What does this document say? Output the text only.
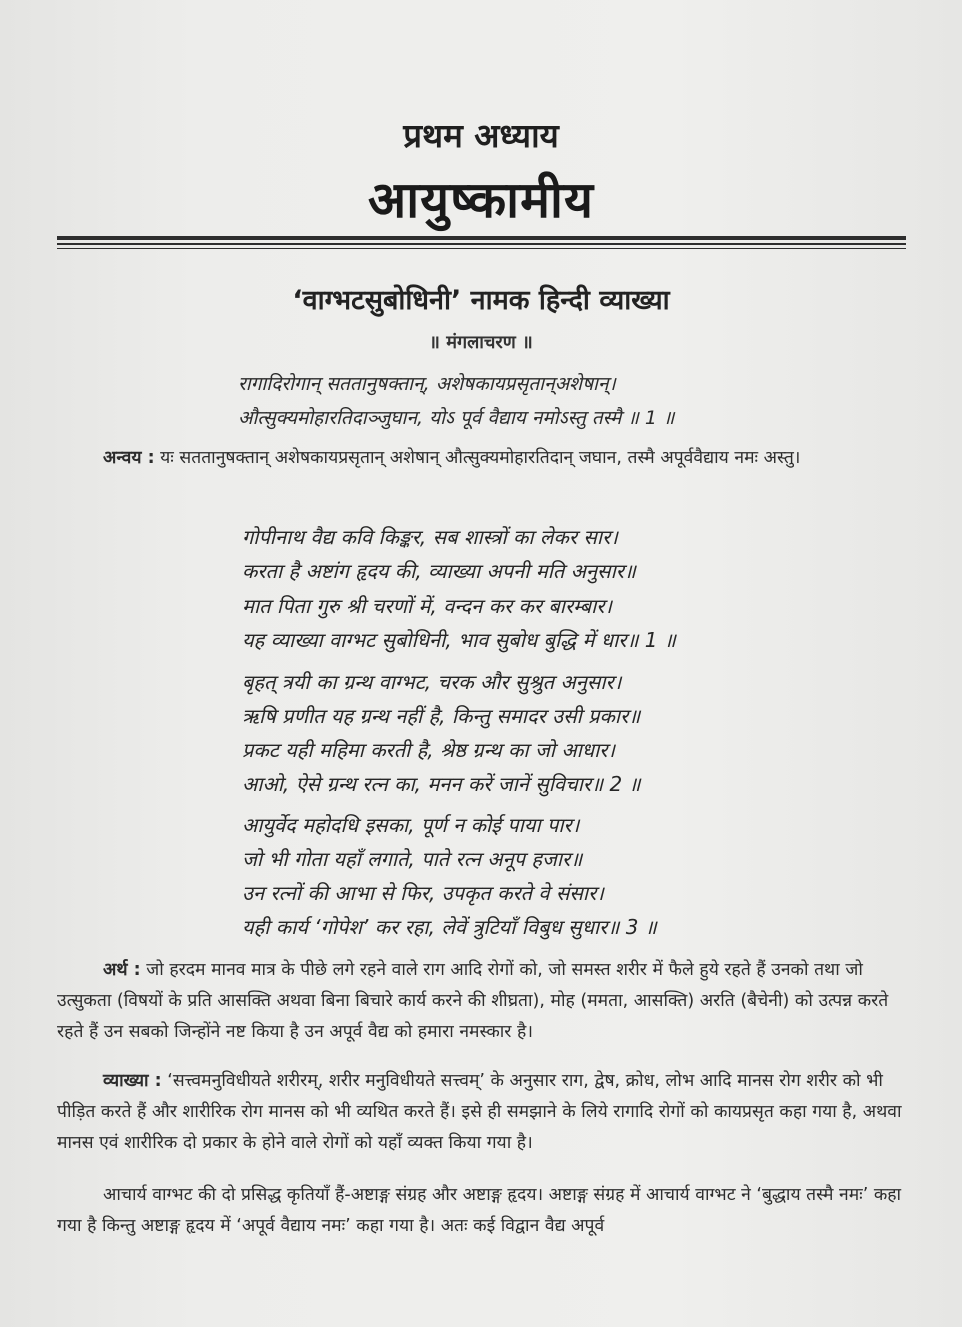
प्रथम अध्याय
आयुष्कामीय
‘वाग्भटसुबोधिनी’ नामक हिन्दी व्याख्या
॥ मंगलाचरण ॥
रागादिरोगान् सततानुषक्तान्, अशेषकायप्रसृतान्अशेषान्।
औत्सुक्यमोहारतिदाञ्जुघान, योऽ पूर्व वैद्याय नमोऽस्तु तस्मै ॥ 1 ॥
अन्वय : यः सततानुषक्तान् अशेषकायप्रसृतान् अशेषान् औत्सुक्यमोहारतिदान् जघान, तस्मै अपूर्ववैद्याय नमः अस्तु।
गोपीनाथ वैद्य कवि किङ्कर, सब शास्त्रों का लेकर सार।
करता है अष्टांग हृदय की, व्याख्या अपनी मति अनुसार॥
मात पिता गुरु श्री चरणों में, वन्दन कर कर बारम्बार।
यह व्याख्या वाग्भट सुबोधिनी, भाव सुबोध बुद्धि में धार॥ 1 ॥
बृहत् त्रयी का ग्रन्थ वाग्भट, चरक और सुश्रुत अनुसार।
ऋषि प्रणीत यह ग्रन्थ नहीं है, किन्तु समादर उसी प्रकार॥
प्रकट यही महिमा करती है, श्रेष्ठ ग्रन्थ का जो आधार।
आओ, ऐसे ग्रन्थ रत्न का, मनन करें जानें सुविचार॥ 2 ॥
आयुर्वेद महोदधि इसका, पूर्ण न कोई पाया पार।
जो भी गोता यहाँ लगाते, पाते रत्न अनूप हजार॥
उन रत्नों की आभा से फिर, उपकृत करते वे संसार।
यही कार्य ‘गोपेश’ कर रहा, लेवें त्रुटियाँ विबुध सुधार॥ 3 ॥
अर्थ : जो हरदम मानव मात्र के पीछे लगे रहने वाले राग आदि रोगों को, जो समस्त शरीर में फैले हुये रहते हैं उनको तथा जो उत्सुकता (विषयों के प्रति आसक्ति अथवा बिना बिचारे कार्य करने की शीघ्रता), मोह (ममता, आसक्ति) अरति (बैचेनी) को उत्पन्न करते रहते हैं उन सबको जिन्होंने नष्ट किया है उन अपूर्व वैद्य को हमारा नमस्कार है।
व्याख्या : ‘सत्त्वमनुविधीयते शरीरम्, शरीर मनुविधीयते सत्त्वम्’ के अनुसार राग, द्वेष, क्रोध, लोभ आदि मानस रोग शरीर को भी पीड़ित करते हैं और शारीरिक रोग मानस को भी व्यथित करते हैं। इसे ही समझाने के लिये रागादि रोगों को कायप्रसृत कहा गया है, अथवा मानस एवं शारीरिक दो प्रकार के होने वाले रोगों को यहाँ व्यक्त किया गया है।
आचार्य वाग्भट की दो प्रसिद्ध कृतियाँ हैं-अष्टाङ्ग संग्रह और अष्टाङ्ग हृदय। अष्टाङ्ग संग्रह में आचार्य वाग्भट ने ‘बुद्धाय तस्मै नमः’ कहा गया है किन्तु अष्टाङ्ग हृदय में ‘अपूर्व वैद्याय नमः’ कहा गया है। अतः कई विद्वान वैद्य अपूर्व
